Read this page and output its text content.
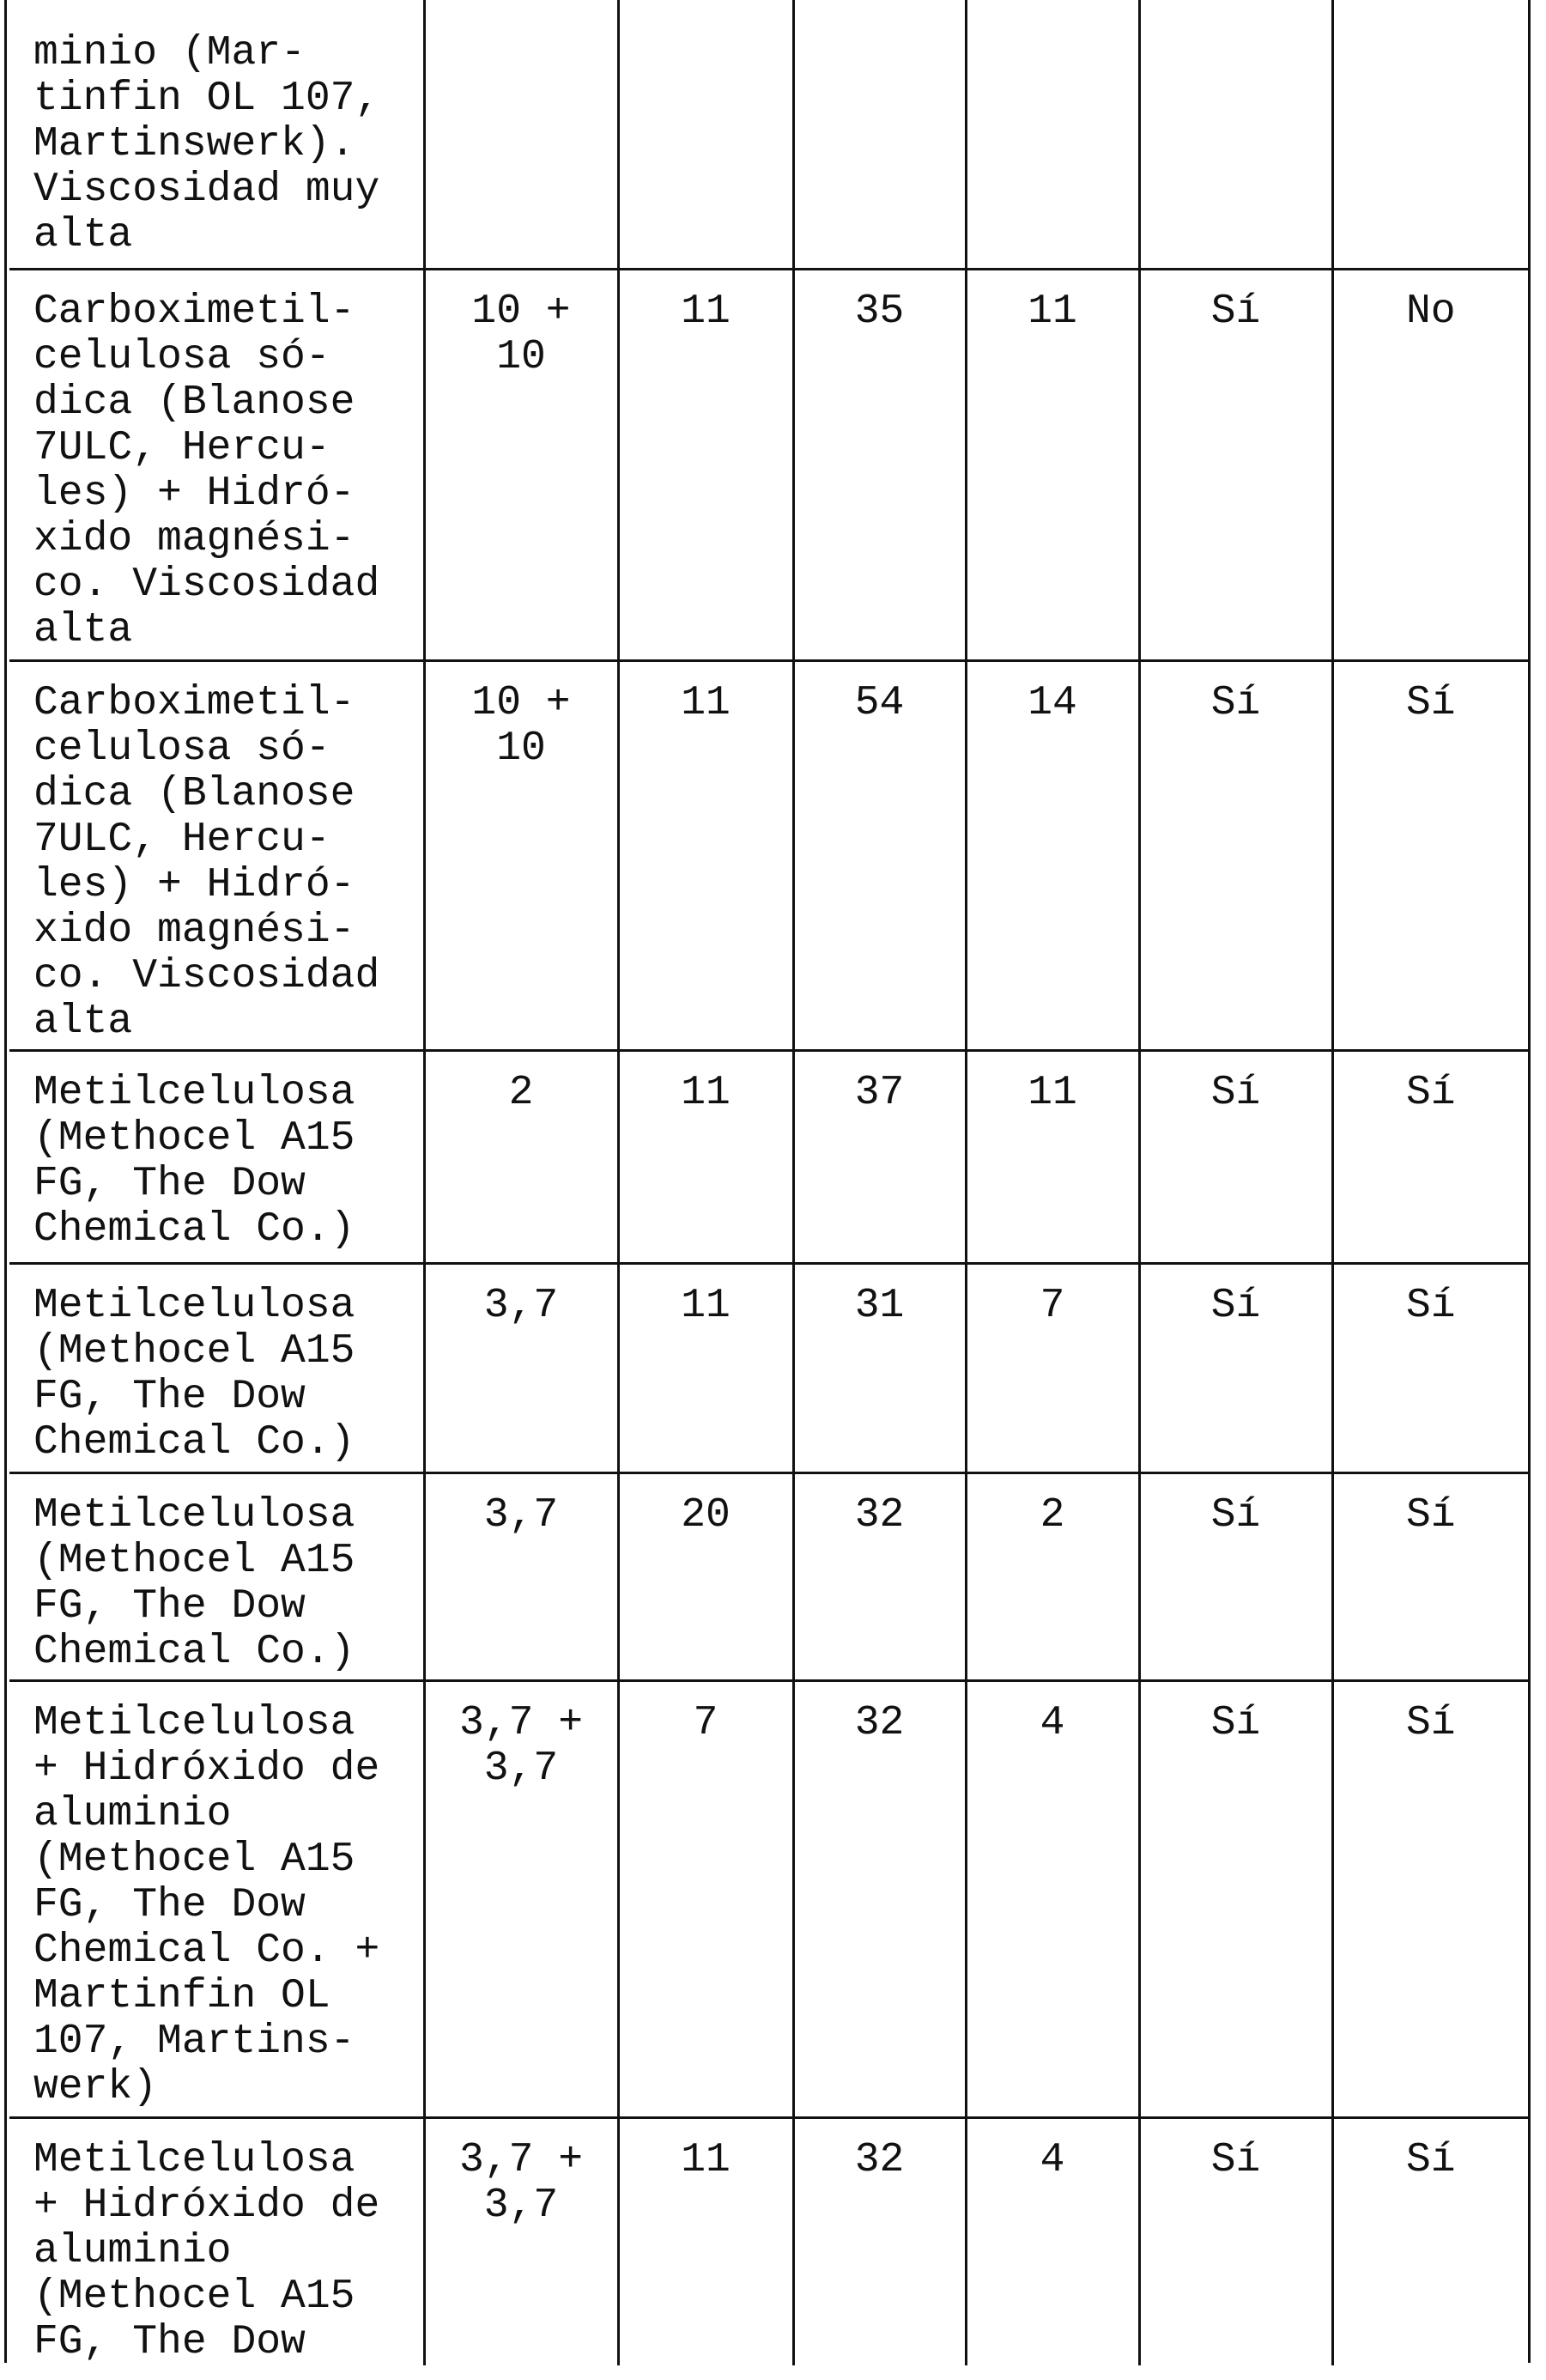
minio (Mar-
tinfin OL 107,
Martinswerk).
Viscosidad muy
alta						
Carboximetil-
celulosa só-
dica (Blanose
7ULC, Hercu-
les) + Hidró-
xido magnési-
co. Viscosidad
alta	10 +
10	11	35	11	Sí	No
Carboximetil-
celulosa só-
dica (Blanose
7ULC, Hercu-
les) + Hidró-
xido magnési-
co. Viscosidad
alta	10 +
10	11	54	14	Sí	Sí
Metilcelulosa
(Methocel A15
FG, The Dow
Chemical Co.)	2	11	37	11	Sí	Sí
Metilcelulosa
(Methocel A15
FG, The Dow
Chemical Co.)	3,7	11	31	7	Sí	Sí
Metilcelulosa
(Methocel A15
FG, The Dow
Chemical Co.)	3,7	20	32	2	Sí	Sí
Metilcelulosa
+ Hidróxido de
aluminio
(Methocel A15
FG, The Dow
Chemical Co. +
Martinfin OL
107, Martins-
werk)	3,7 +
3,7	7	32	4	Sí	Sí
Metilcelulosa
+ Hidróxido de
aluminio
(Methocel A15
FG, The Dow	3,7 +
3,7	11	32	4	Sí	Sí
